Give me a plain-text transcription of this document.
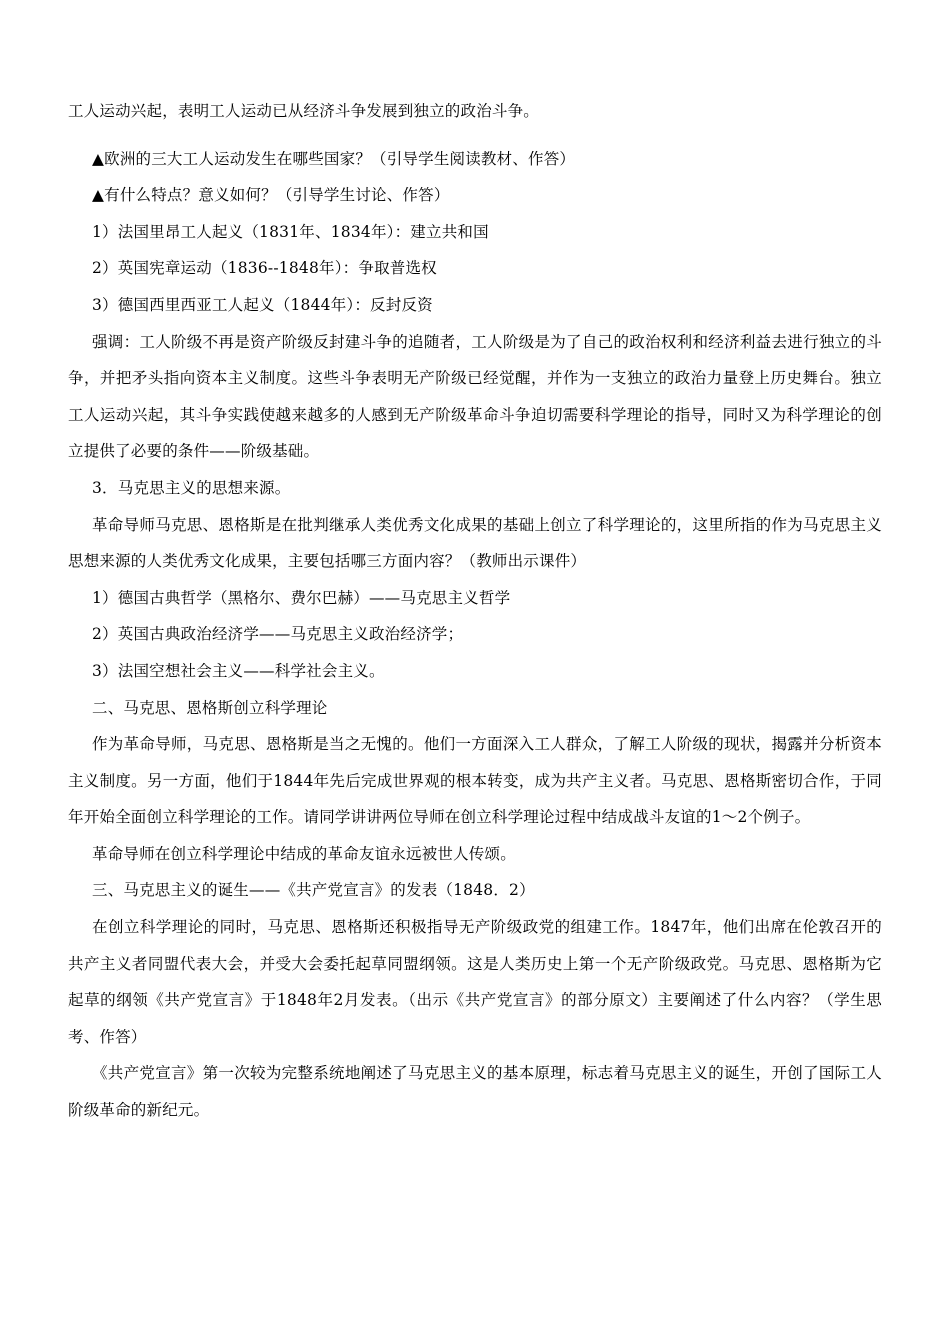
工人运动兴起，表明工人运动已从经济斗争发展到独立的政治斗争。

▲欧洲的三大工人运动发生在哪些国家？（引导学生阅读教材、作答）

▲有什么特点？意义如何？（引导学生讨论、作答）

1）法国里昂工人起义（1831年、1834年）：建立共和国

2）英国宪章运动（1836--1848年）：争取普选权

3）德国西里西亚工人起义（1844年）：反封反资

强调：工人阶级不再是资产阶级反封建斗争的追随者，工人阶级是为了自己的政治权利和经济利益去进行独立的斗争，并把矛头指向资本主义制度。这些斗争表明无产阶级已经觉醒，并作为一支独立的政治力量登上历史舞台。独立工人运动兴起，其斗争实践使越来越多的人感到无产阶级革命斗争迫切需要科学理论的指导，同时又为科学理论的创立提供了必要的条件——阶级基础。

3．马克思主义的思想来源。

革命导师马克思、恩格斯是在批判继承人类优秀文化成果的基础上创立了科学理论的，这里所指的作为马克思主义思想来源的人类优秀文化成果，主要包括哪三方面内容？（教师出示课件）

1）德国古典哲学（黑格尔、费尔巴赫）——马克思主义哲学

2）英国古典政治经济学——马克思主义政治经济学；

3）法国空想社会主义——科学社会主义。

二、马克思、恩格斯创立科学理论

作为革命导师，马克思、恩格斯是当之无愧的。他们一方面深入工人群众，了解工人阶级的现状，揭露并分析资本主义制度。另一方面，他们于1844年先后完成世界观的根本转变，成为共产主义者。马克思、恩格斯密切合作，于同年开始全面创立科学理论的工作。请同学讲讲两位导师在创立科学理论过程中结成战斗友谊的1～2个例子。

革命导师在创立科学理论中结成的革命友谊永远被世人传颂。

三、马克思主义的诞生——《共产党宣言》的发表（1848．2）

在创立科学理论的同时，马克思、恩格斯还积极指导无产阶级政党的组建工作。1847年，他们出席在伦敦召开的共产主义者同盟代表大会，并受大会委托起草同盟纲领。这是人类历史上第一个无产阶级政党。马克思、恩格斯为它起草的纲领《共产党宣言》于1848年2月发表。（出示《共产党宣言》的部分原文）主要阐述了什么内容？（学生思考、作答）

《共产党宣言》第一次较为完整系统地阐述了马克思主义的基本原理，标志着马克思主义的诞生，开创了国际工人阶级革命的新纪元。
